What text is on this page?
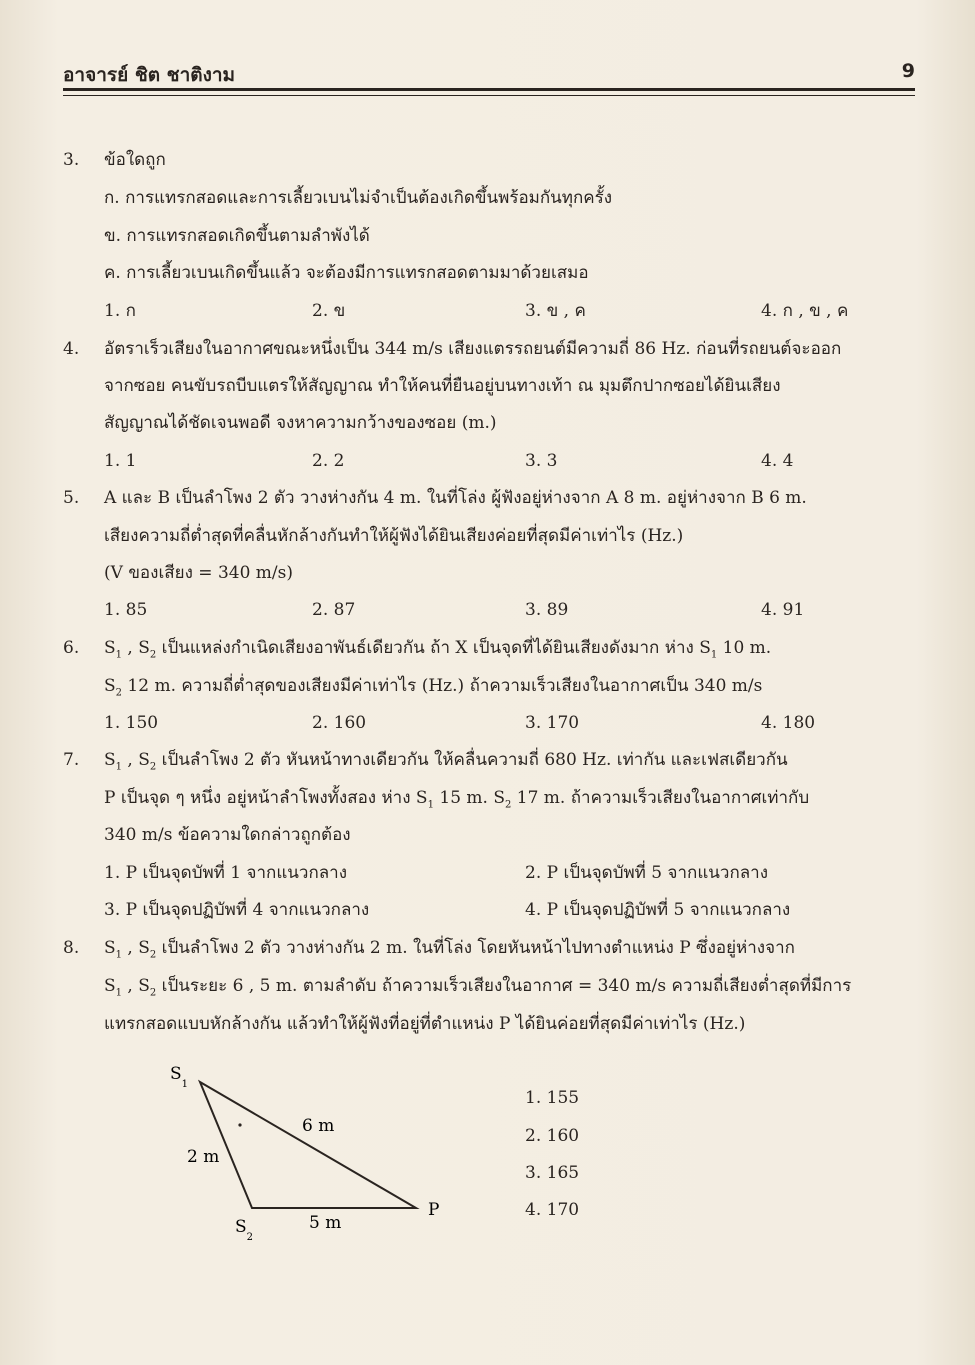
อาจารย์ ชิต ชาติงาม	9
3. ข้อใดถูก
ก. การแทรกสอดและการเลี้ยวเบนไม่จำเป็นต้องเกิดขึ้นพร้อมกันทุกครั้ง
ข. การแทรกสอดเกิดขึ้นตามลำพังได้
ค. การเลี้ยวเบนเกิดขึ้นแล้ว จะต้องมีการแทรกสอดตามมาด้วยเสมอ
1. ก	2. ข	3. ข , ค	4. ก , ข , ค
4. อัตราเร็วเสียงในอากาศขณะหนึ่งเป็น 344 m/s เสียงแตรรถยนต์มีความถี่ 86 Hz. ก่อนที่รถยนต์จะออก
จากซอย คนขับรถบีบแตรให้สัญญาณ ทำให้คนที่ยืนอยู่บนทางเท้า ณ มุมตึกปากซอยได้ยินเสียง
สัญญาณได้ชัดเจนพอดี จงหาความกว้างของซอย (m.)
1. 1	2. 2	3. 3	4. 4
5. A และ B เป็นลำโพง 2 ตัว วางห่างกัน 4 m. ในที่โล่ง ผู้ฟังอยู่ห่างจาก A 8 m. อยู่ห่างจาก B 6 m.
เสียงความถี่ต่ำสุดที่คลื่นหักล้างกันทำให้ผู้ฟังได้ยินเสียงค่อยที่สุดมีค่าเท่าไร (Hz.)
(V ของเสียง = 340 m/s)
1. 85	2. 87	3. 89	4. 91
6. $S_1$ , $S_2$ เป็นแหล่งกำเนิดเสียงอาพันธ์เดียวกัน ถ้า X เป็นจุดที่ได้ยินเสียงดังมาก ห่าง $S_1$ 10 m.
$S_2$ 12 m. ความถี่ต่ำสุดของเสียงมีค่าเท่าไร (Hz.) ถ้าความเร็วเสียงในอากาศเป็น 340 m/s
1. 150	2. 160	3. 170	4. 180
7. $S_1$ , $S_2$ เป็นลำโพง 2 ตัว หันหน้าทางเดียวกัน ให้คลื่นความถี่ 680 Hz. เท่ากัน และเฟสเดียวกัน
P เป็นจุด ๆ หนึ่ง อยู่หน้าลำโพงทั้งสอง ห่าง $S_1$ 15 m. $S_2$ 17 m. ถ้าความเร็วเสียงในอากาศเท่ากับ
340 m/s ข้อความใดกล่าวถูกต้อง
1. P เป็นจุดบัพที่ 1 จากแนวกลาง	2. P เป็นจุดบัพที่ 5 จากแนวกลาง
3. P เป็นจุดปฏิบัพที่ 4 จากแนวกลาง	4. P เป็นจุดปฏิบัพที่ 5 จากแนวกลาง
8. $S_1$ , $S_2$ เป็นลำโพง 2 ตัว วางห่างกัน 2 m. ในที่โล่ง โดยหันหน้าไปทางตำแหน่ง P ซึ่งอยู่ห่างจาก
$S_1$ , $S_2$ เป็นระยะ 6 , 5 m. ตามลำดับ ถ้าความเร็วเสียงในอากาศ = 340 m/s ความถี่เสียงต่ำสุดที่มีการ
แทรกสอดแบบหักล้างกัน แล้วทำให้ผู้ฟังที่อยู่ที่ตำแหน่ง P ได้ยินค่อยที่สุดมีค่าเท่าไร (Hz.)
$S_1$
$S_2$
P
2 m
6 m
5 m
1. 155
2. 160
3. 165
4. 170
